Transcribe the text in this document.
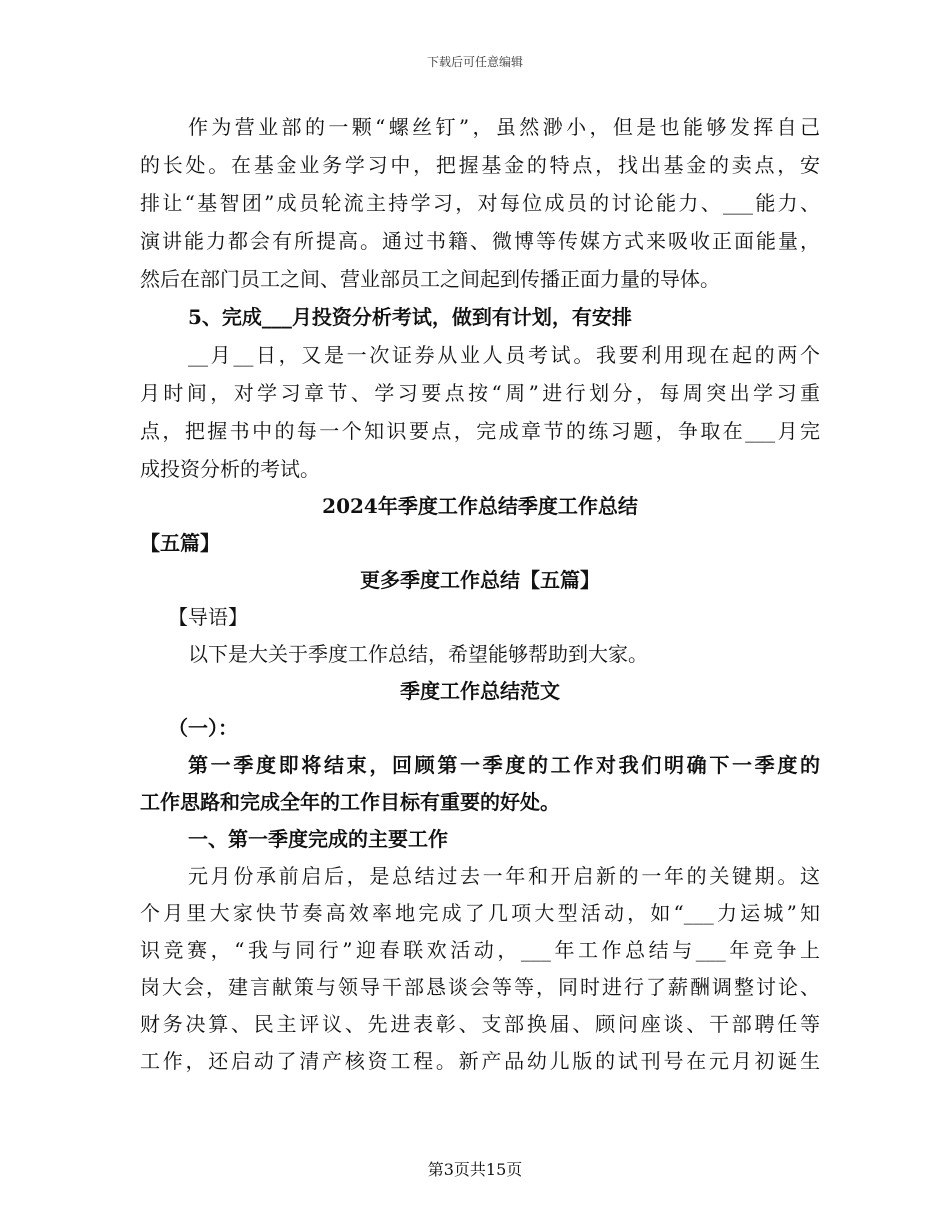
下载后可任意编辑
作为营业部的一颗“螺丝钉”，虽然渺小，但是也能够发挥自己
的长处。在基金业务学习中，把握基金的特点，找出基金的卖点，安
排让“基智团”成员轮流主持学习，对每位成员的讨论能力、___能力、
演讲能力都会有所提高。通过书籍、微博等传媒方式来吸收正面能量，
然后在部门员工之间、营业部员工之间起到传播正面力量的导体。
5、完成___月投资分析考试，做到有计划，有安排
__月__日，又是一次证券从业人员考试。我要利用现在起的两个
月时间，对学习章节、学习要点按“周”进行划分，每周突出学习重
点，把握书中的每一个知识要点，完成章节的练习题，争取在___月完
成投资分析的考试。
2024年季度工作总结季度工作总结
【五篇】
更多季度工作总结【五篇】
【导语】
以下是大关于季度工作总结，希望能够帮助到大家。
季度工作总结范文
（一）：
第一季度即将结束，回顾第一季度的工作对我们明确下一季度的
工作思路和完成全年的工作目标有重要的好处。
一、第一季度完成的主要工作
元月份承前启后，是总结过去一年和开启新的一年的关键期。这
个月里大家快节奏高效率地完成了几项大型活动，如“___力运城”知
识竞赛，“我与同行”迎春联欢活动，___年工作总结与___年竞争上
岗大会，建言献策与领导干部恳谈会等等，同时进行了薪酬调整讨论、
财务决算、民主评议、先进表彰、支部换届、顾问座谈、干部聘任等
工作，还启动了清产核资工程。新产品幼儿版的试刊号在元月初诞生
第3页共15页
